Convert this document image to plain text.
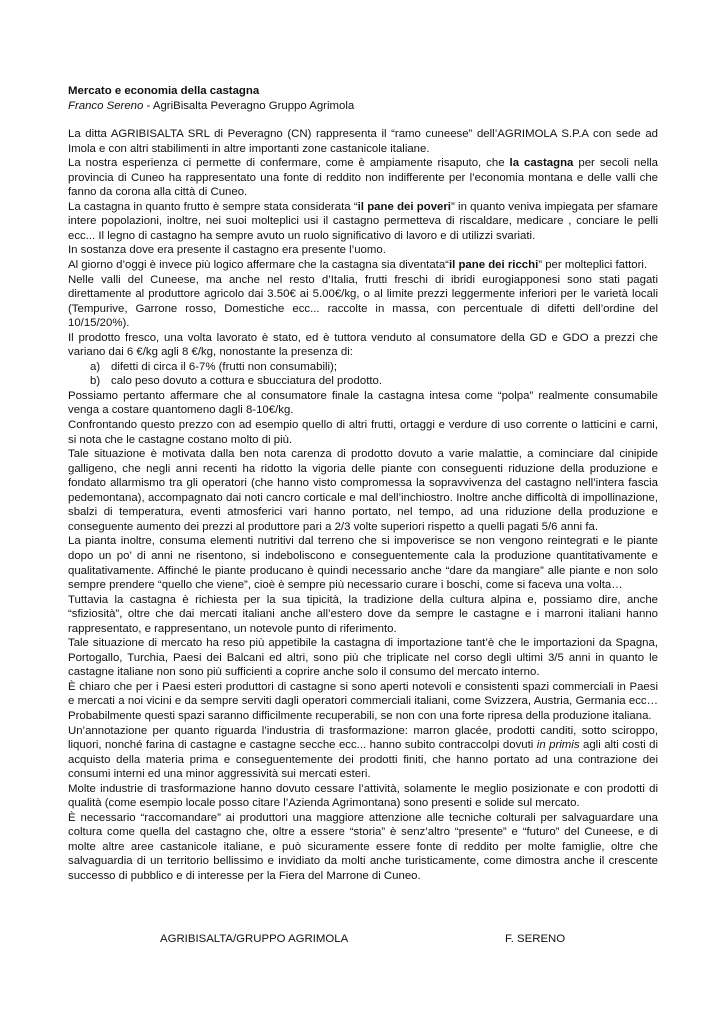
Mercato e economia della castagna
Franco Sereno - AgriBisalta Peveragno Gruppo Agrimola

La ditta AGRIBISALTA SRL di Peveragno (CN) rappresenta il “ramo cuneese” dell’AGRIMOLA S.P.A con sede ad Imola e con altri stabilimenti in altre importanti zone castanicole italiane.

La nostra esperienza ci permette di confermare, come è ampiamente risaputo, che la castagna per secoli nella provincia di Cuneo ha rappresentato una fonte di reddito non indifferente per l’economia montana e delle valli che fanno da corona alla città di Cuneo.

La castagna in quanto frutto è sempre stata considerata “il pane dei poveri” in quanto veniva impiegata per sfamare intere popolazioni, inoltre, nei suoi molteplici usi il castagno permetteva di riscaldare, medicare , conciare le pelli ecc... Il legno di castagno ha sempre avuto un ruolo significativo di lavoro e di utilizzi svariati.

In sostanza dove era presente il castagno era presente l’uomo.

Al giorno d’oggi è invece più logico affermare che la castagna sia diventata“il pane dei ricchi” per molteplici fattori.

Nelle valli del Cuneese, ma anche nel resto d’Italia, frutti freschi di ibridi eurogiapponesi sono stati pagati direttamente al produttore agricolo dai 3.50€ ai 5.00€/kg, o al limite prezzi leggermente inferiori per le varietà locali (Tempurive, Garrone rosso, Domestiche ecc... raccolte in massa, con percentuale di difetti dell’ordine del 10/15/20%).

Il prodotto fresco, una volta lavorato è stato, ed è tuttora venduto al consumatore della GD e GDO a prezzi che variano dai 6 €/kg agli 8 €/kg, nonostante la presenza di:

a) difetti di circa il 6-7% (frutti non consumabili);
b) calo peso dovuto a cottura e sbucciatura del prodotto.

Possiamo pertanto affermare che al consumatore finale la castagna intesa come “polpa” realmente consumabile venga a costare quantomeno dagli 8-10€/kg.

Confrontando questo prezzo con ad esempio quello di altri frutti, ortaggi e verdure di uso corrente o latticini e carni, si nota che le castagne costano molto di più.

Tale situazione è motivata dalla ben nota carenza di prodotto dovuto a varie malattie, a cominciare dal cinipide galligeno, che negli anni recenti ha ridotto la vigoria delle piante con conseguenti riduzione della produzione e fondato allarmismo tra gli operatori (che hanno visto compromessa la sopravvivenza del castagno nell’intera fascia pedemontana), accompagnato dai noti cancro corticale e mal dell’inchiostro. Inoltre anche difficoltà di impollinazione, sbalzi di temperatura, eventi atmosferici vari hanno portato, nel tempo, ad una riduzione della produzione e conseguente aumento dei prezzi al produttore pari a 2/3 volte superiori rispetto a quelli pagati 5/6 anni fa.

La pianta inoltre, consuma elementi nutritivi dal terreno che si impoverisce se non vengono reintegrati e le piante dopo un po’ di anni ne risentono, si indeboliscono e conseguentemente cala la produzione quantitativamente e qualitativamente. Affinché le piante producano è quindi necessario anche “dare da mangiare” alle piante e non solo sempre prendere “quello che viene”, cioè è sempre più necessario curare i boschi, come si faceva una volta…

Tuttavia la castagna è richiesta per la sua tipicità, la tradizione della cultura alpina e, possiamo dire, anche “sfiziosità”, oltre che dai mercati italiani anche all’estero dove da sempre le castagne e i marroni italiani hanno rappresentato, e rappresentano, un notevole punto di riferimento.

Tale situazione di mercato ha reso più appetibile la castagna di importazione tant’è che le importazioni da Spagna, Portogallo, Turchia, Paesi dei Balcani ed altri, sono più che triplicate nel corso degli ultimi 3/5 anni in quanto le castagne italiane non sono più sufficienti a coprire anche solo il consumo del mercato interno.

È chiaro che per i Paesi esteri produttori di castagne si sono aperti notevoli e consistenti spazi commerciali in Paesi e mercati a noi vicini e da sempre serviti dagli operatori commerciali italiani, come Svizzera, Austria, Germania ecc… Probabilmente questi spazi saranno difficilmente recuperabili, se non con una forte ripresa della produzione italiana.

Un’annotazione per quanto riguarda l’industria di trasformazione: marron glacée, prodotti canditi, sotto sciroppo, liquori, nonché farina di castagne e castagne secche ecc... hanno subito contraccolpi dovuti in primis agli alti costi di acquisto della materia prima e conseguentemente dei prodotti finiti, che hanno portato ad una contrazione dei consumi interni ed una minor aggressività sui mercati esteri.

Molte industrie di trasformazione hanno dovuto cessare l’attività, solamente le meglio posizionate e con prodotti di qualità (come esempio locale posso citare l’Azienda Agrimontana) sono presenti e solide sul mercato.

È necessario “raccomandare” ai produttori una maggiore attenzione alle tecniche colturali per salvaguardare una coltura come quella del castagno che, oltre a essere “storia” è senz’altro “presente” e “futuro” del Cuneese, e di molte altre aree castanicole italiane, e può sicuramente essere fonte di reddito per molte famiglie, oltre che salvaguardia di un territorio bellissimo e invidiato da molti anche turisticamente, come dimostra anche il crescente successo di pubblico e di interesse per la Fiera del Marrone di Cuneo.

AGRIBISALTA/GRUPPO AGRIMOLA	F. SERENO
